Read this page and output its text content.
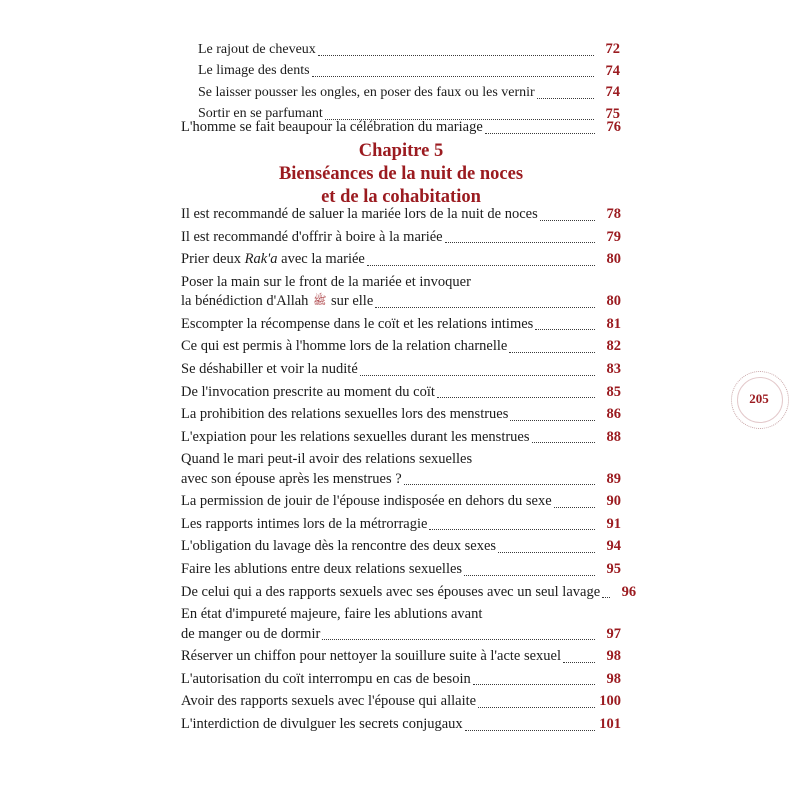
Le rajout de cheveux	72
Le limage des dents	74
Se laisser pousser les ongles, en poser des faux ou les vernir	74
Sortir en se parfumant	75
L'homme se fait beaupour la célébration du mariage	76
Chapitre 5
Bienséances de la nuit de noces
et de la cohabitation
Il est recommandé de saluer la mariée lors de la nuit de noces	78
Il est recommandé d'offrir à boire à la mariée	79
Prier deux Rak'a avec la mariée	80
Poser la main sur le front de la mariée et invoquer
la bénédiction d'Allah ﷺ sur elle	80
Escompter la récompense dans le coït et les relations intimes	81
Ce qui est permis à l'homme lors de la relation charnelle	82
Se déshabiller et voir la nudité	83
De l'invocation prescrite au moment du coït	85
La prohibition des relations sexuelles lors des menstrues	86
L'expiation pour les relations sexuelles durant les menstrues	88
Quand le mari peut-il avoir des relations sexuelles
avec son épouse après les menstrues ?	89
La permission de jouir de l'épouse indisposée en dehors du sexe	90
Les rapports intimes lors de la métrorragie	91
L'obligation du lavage dès la rencontre des deux sexes	94
Faire les ablutions entre deux relations sexuelles	95
De celui qui a des rapports sexuels avec ses épouses avec un seul lavage	96
En état d'impureté majeure, faire les ablutions avant
de manger ou de dormir	97
Réserver un chiffon pour nettoyer la souillure suite à l'acte sexuel	98
L'autorisation du coït interrompu en cas de besoin	98
Avoir des rapports sexuels avec l'épouse qui allaite	100
L'interdiction de divulguer les secrets conjugaux	101
205
